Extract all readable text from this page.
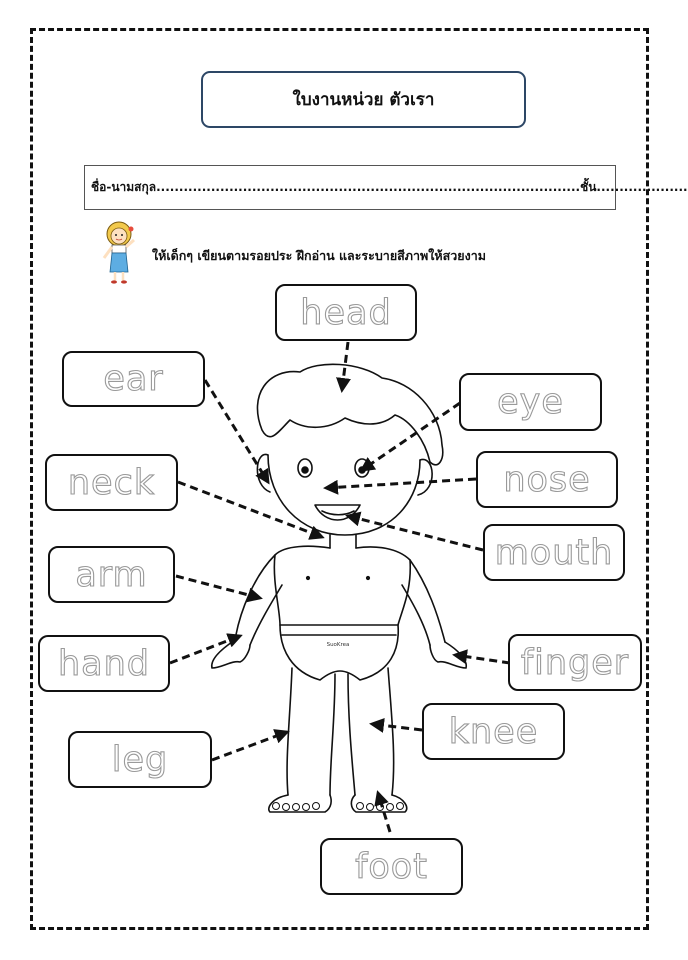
ใบงานหน่วย ตัวเรา
ชื่อ-นามสกุล.............................................................................................ชั้น....................
ให้เด็กๆ เขียนตามรอยประ ฝึกอ่าน และระบายสีภาพให้สวยงาม
SuoKrea
head
ear
eye
neck	nose
mouth
arm
hand	finger
leg
knee
foot
